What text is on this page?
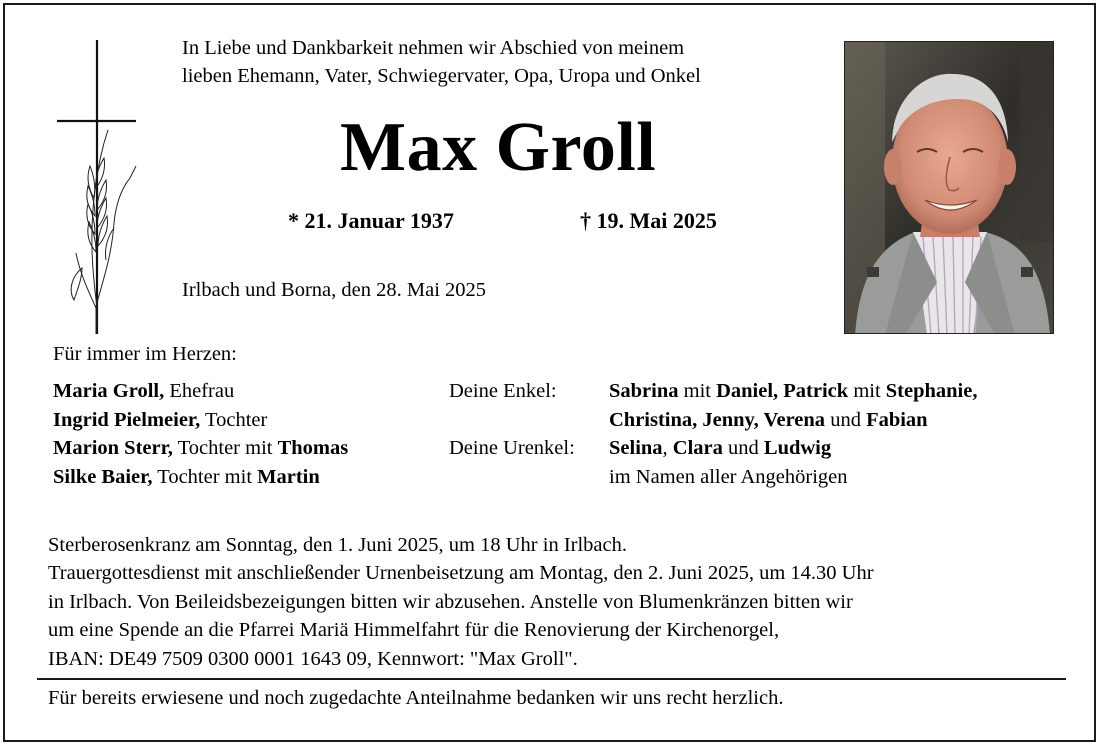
In Liebe und Dankbarkeit nehmen wir Abschied von meinem
lieben Ehemann, Vater, Schwiegervater, Opa, Uropa und Onkel
Max Groll
* 21. Januar 1937	† 19. Mai 2025
Irlbach und Borna, den 28. Mai 2025
Für immer im Herzen:
Maria Groll, Ehefrau
Ingrid Pielmeier, Tochter
Marion Sterr, Tochter mit Thomas
Silke Baier, Tochter mit Martin
Deine Enkel:

Deine Urenkel:
Sabrina mit Daniel, Patrick mit Stephanie,
Christina, Jenny, Verena und Fabian
Selina, Clara und Ludwig
im Namen aller Angehörigen
Sterberosenkranz am Sonntag, den 1. Juni 2025, um 18 Uhr in Irlbach.
Trauergottesdienst mit anschließender Urnenbeisetzung am Montag, den 2. Juni 2025, um 14.30 Uhr
in Irlbach. Von Beileidsbezeigungen bitten wir abzusehen. Anstelle von Blumenkränzen bitten wir
um eine Spende an die Pfarrei Mariä Himmelfahrt für die Renovierung der Kirchenorgel,
IBAN: DE49 7509 0300 0001 1643 09, Kennwort: "Max Groll".
Für bereits erwiesene und noch zugedachte Anteilnahme bedanken wir uns recht herzlich.
